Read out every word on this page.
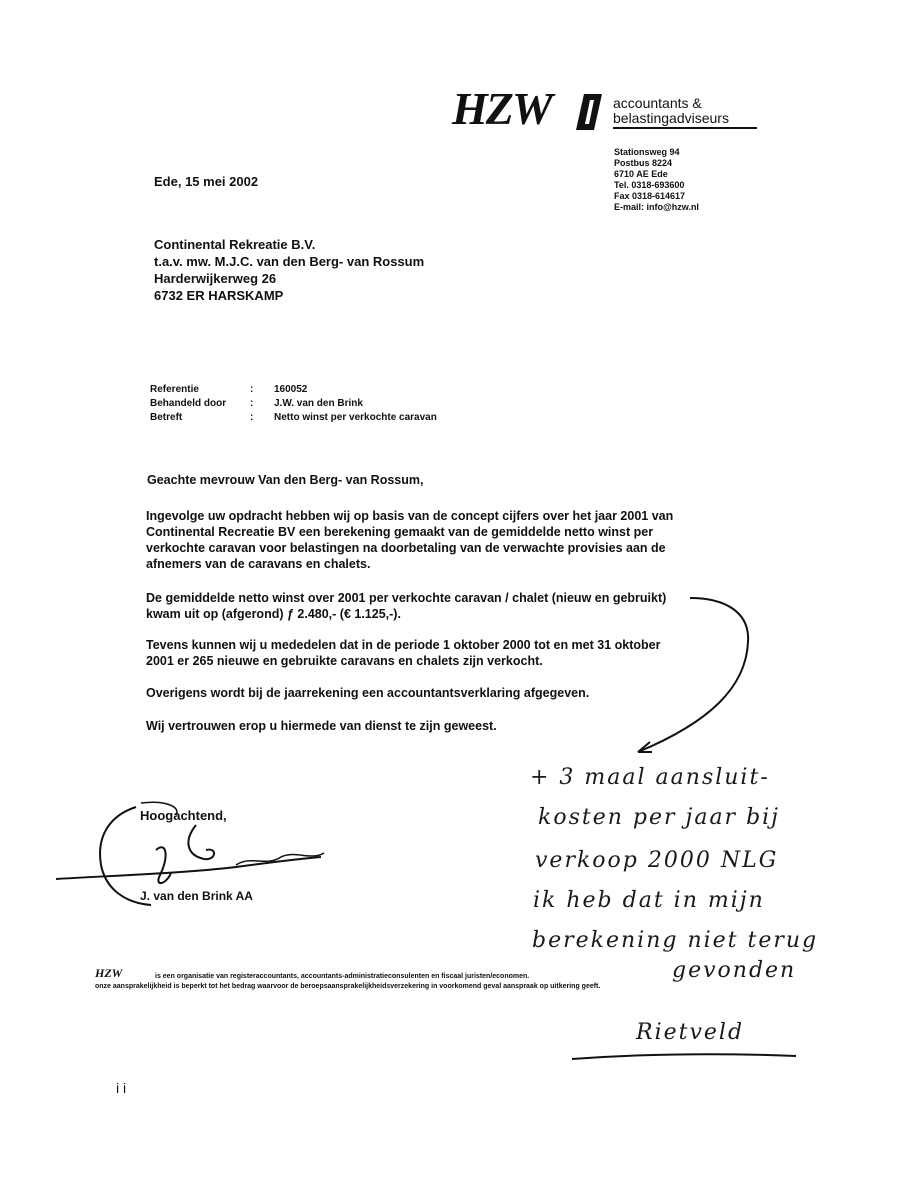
HZW	accountants &
belastingadviseurs
Stationsweg 94
Postbus 8224
6710 AE Ede
Tel. 0318-693600
Fax 0318-614617
E-mail: info@hzw.nl
Ede, 15 mei 2002
Continental Rekreatie B.V.
t.a.v. mw. M.J.C. van den Berg- van Rossum
Harderwijkerweg 26
6732 ER HARSKAMP
Referentie	: 160052
Behandeld door : J.W. van den Brink
Betreft	: Netto winst per verkochte caravan
Geachte mevrouw Van den Berg- van Rossum,
Ingevolge uw opdracht hebben wij op basis van de concept cijfers over het jaar 2001 van Continental Recreatie BV een berekening gemaakt van de gemiddelde netto winst per verkochte caravan voor belastingen na doorbetaling van de verwachte provisies aan de afnemers van de caravans en chalets.
De gemiddelde netto winst over 2001 per verkochte caravan / chalet (nieuw en gebruikt) kwam uit op (afgerond) ƒ 2.480,- (€ 1.125,-).
Tevens kunnen wij u mededelen dat in de periode 1 oktober 2000 tot en met 31 oktober 2001 er 265 nieuwe en gebruikte caravans en chalets zijn verkocht.
Overigens wordt bij de jaarrekening een accountantsverklaring afgegeven.
Wij vertrouwen erop u hiermede van dienst te zijn geweest.
Hoogachtend,
J. van den Brink AA
is een organisatie van registeraccountants, accountants-administratieconsulenten en fiscaal juristen/economen.
onze aansprakelijkheid is beperkt tot het bedrag waarvoor de beroepsaansprakelijkheidsverzekering in voorkomend geval aanspraak op uitkering geeft.
HZW
+ 3 maal aansluit-
kosten per jaar bij
verkoop 2000 NLG
ik heb dat in mijn
berekening niet terug
gevonden
Rietveld
i i
